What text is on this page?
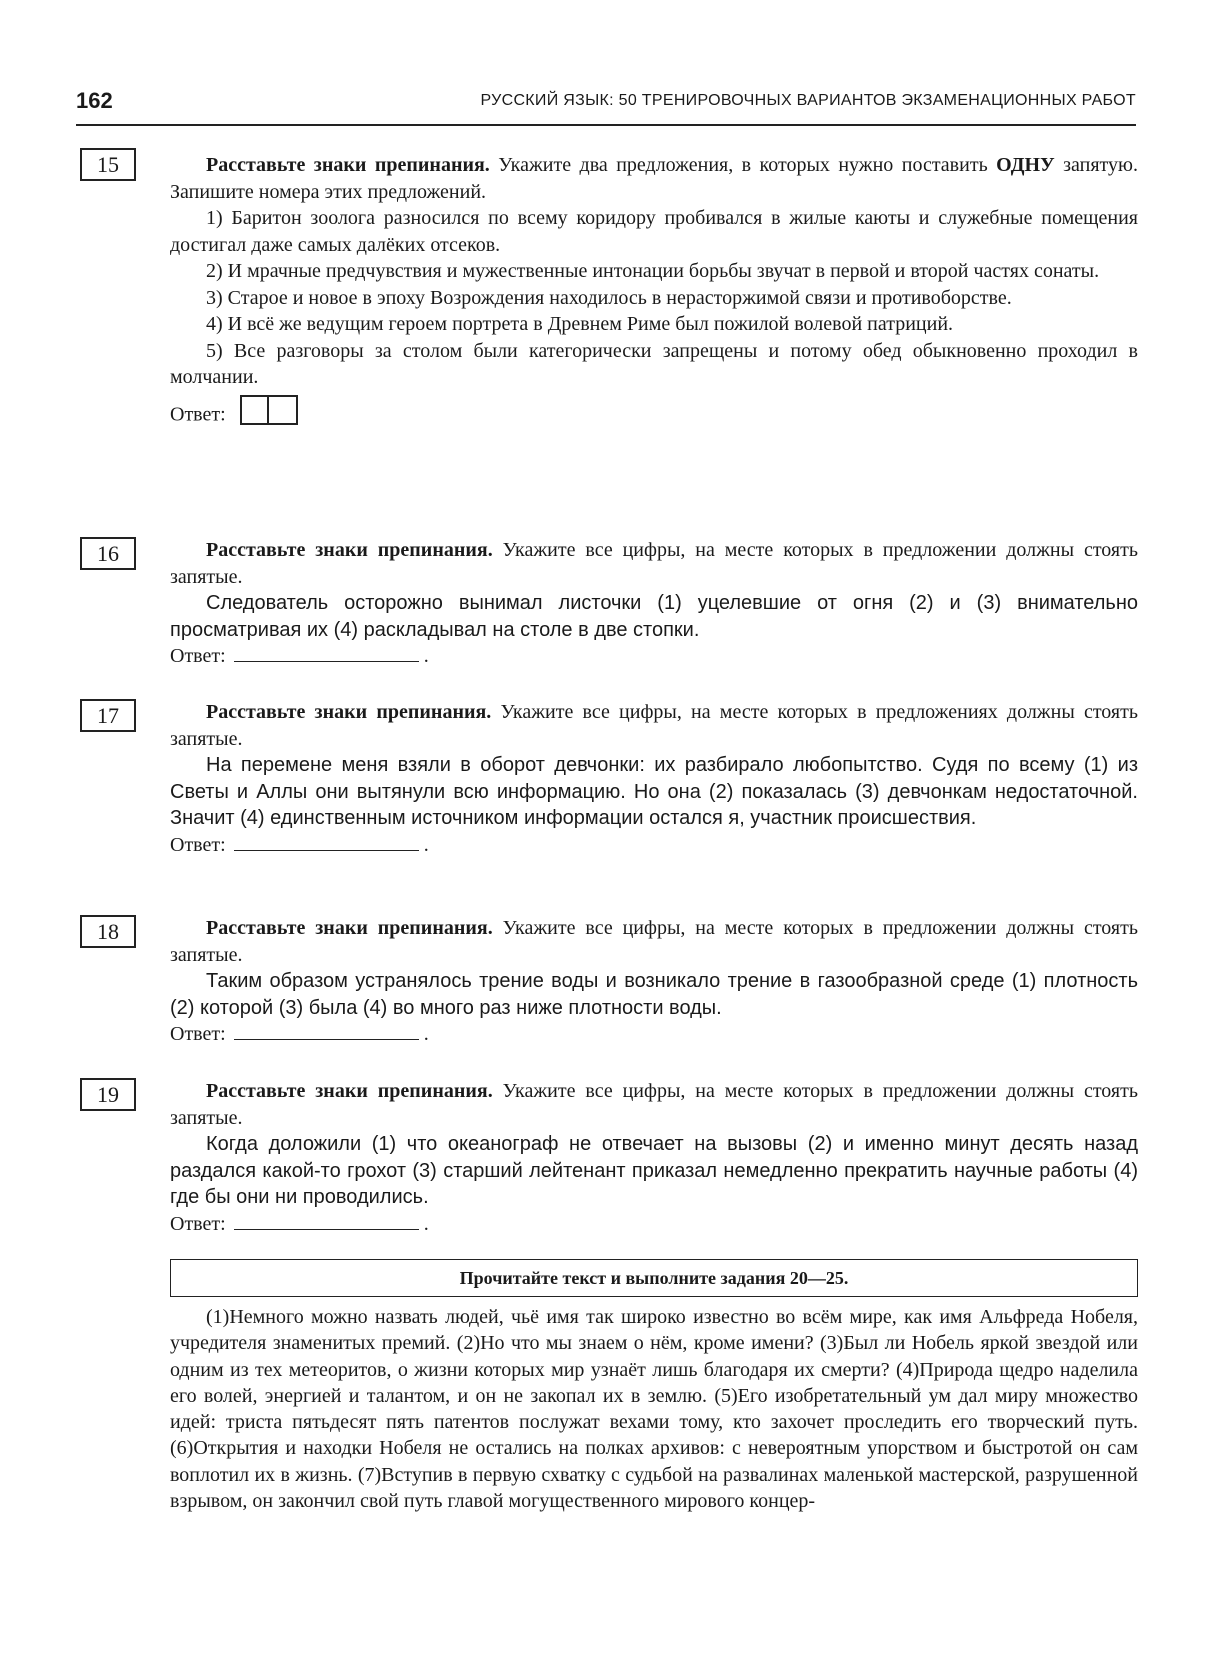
162	РУССКИЙ ЯЗЫК: 50 ТРЕНИРОВОЧНЫХ ВАРИАНТОВ ЭКЗАМЕНАЦИОННЫХ РАБОТ
15	Расставьте знаки препинания. Укажите два предложения, в которых нужно поставить ОДНУ запятую. Запишите номера этих предложений.

1) Баритон зоолога разносился по всему коридору пробивался в жилые каюты и служебные помещения достигал даже самых далёких отсеков.

2) И мрачные предчувствия и мужественные интонации борьбы звучат в первой и второй частях сонаты.

3) Старое и новое в эпоху Возрождения находилось в нерасторжимой связи и противоборстве.

4) И всё же ведущим героем портрета в Древнем Риме был пожилой волевой патриций.

5) Все разговоры за столом были категорически запрещены и потому обед обыкновенно проходил в молчании.

Ответ:

16	Расставьте знаки препинания. Укажите все цифры, на месте которых в предложении должны стоять запятые.

Следователь осторожно вынимал листочки (1) уцелевшие от огня (2) и (3) внимательно просматривая их (4) раскладывал на столе в две стопки.

Ответ:	.

17	Расставьте знаки препинания. Укажите все цифры, на месте которых в предложениях должны стоять запятые.

На перемене меня взяли в оборот девчонки: их разбирало любопытство. Судя по всему (1) из Светы и Аллы они вытянули всю информацию. Но она (2) показалась (3) девчонкам недостаточной. Значит (4) единственным источником информации остался я, участник происшествия.

Ответ:	.

18	Расставьте знаки препинания. Укажите все цифры, на месте которых в предложении должны стоять запятые.

Таким образом устранялось трение воды и возникало трение в газообразной среде (1) плотность (2) которой (3) была (4) во много раз ниже плотности воды.

Ответ:	.

19	Расставьте знаки препинания. Укажите все цифры, на месте которых в предложении должны стоять запятые.

Когда доложили (1) что океанограф не отвечает на вызовы (2) и именно минут десять назад раздался какой-то грохот (3) старший лейтенант приказал немедленно прекратить научные работы (4) где бы они ни проводились.

Ответ:	.

Прочитайте текст и выполните задания 20—25.

(1)Немного можно назвать людей, чьё имя так широко известно во всём мире, как имя Альфреда Нобеля, учредителя знаменитых премий. (2)Но что мы знаем о нём, кроме имени? (3)Был ли Нобель яркой звездой или одним из тех метеоритов, о жизни которых мир узнаёт лишь благодаря их смерти? (4)Природа щедро наделила его волей, энергией и талантом, и он не закопал их в землю. (5)Его изобретательный ум дал миру множество идей: триста пятьдесят пять патентов послужат вехами тому, кто захочет проследить его творческий путь. (6)Открытия и находки Нобеля не остались на полках архивов: с невероятным упорством и быстротой он сам воплотил их в жизнь. (7)Вступив в первую схватку с судьбой на развалинах маленькой мастерской, разрушенной взрывом, он закончил свой путь главой могущественного мирового концер-
